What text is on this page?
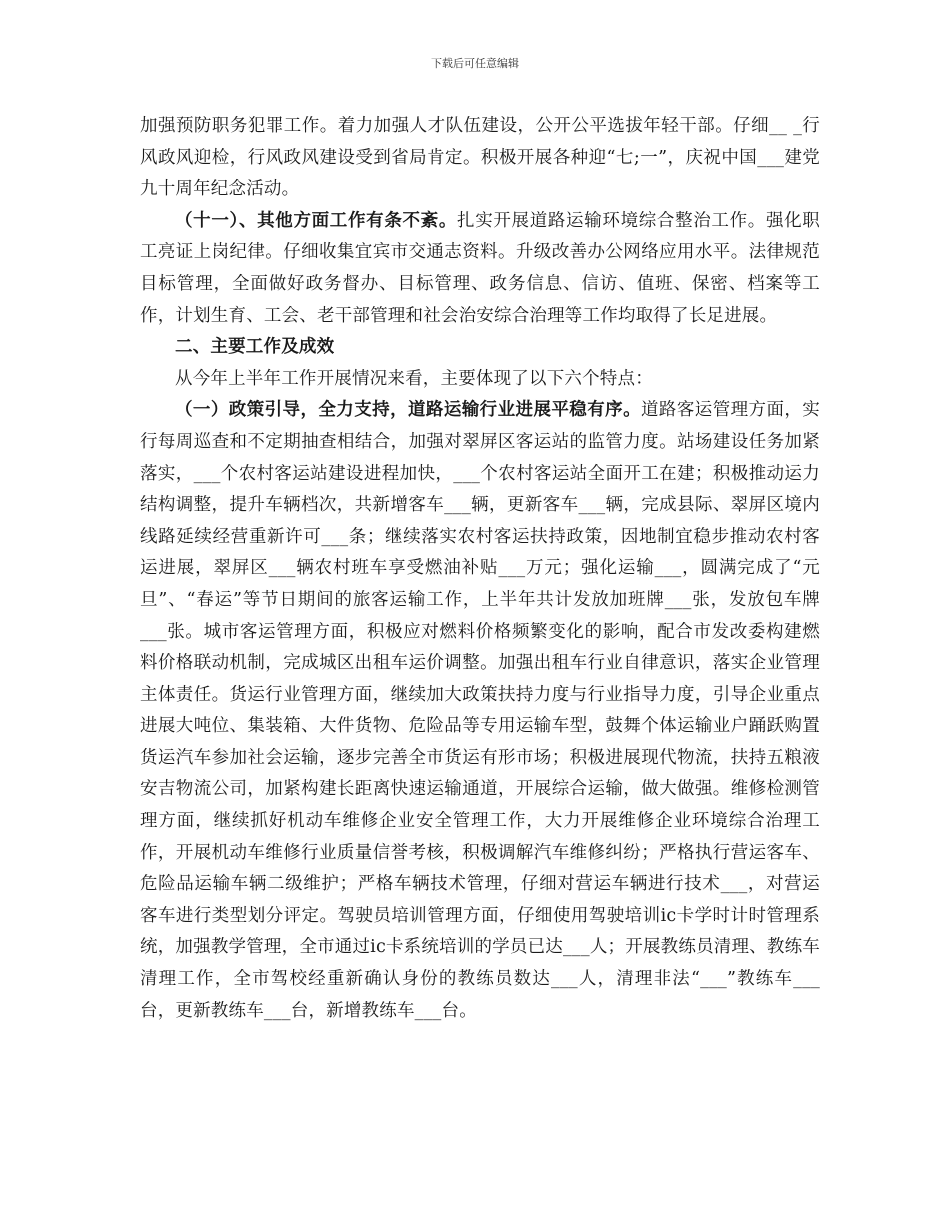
下载后可任意编辑

加强预防职务犯罪工作。着力加强人才队伍建设，公开公平选拔年轻干部。仔细__ _行风政风迎检，行风政风建设受到省局肯定。积极开展各种迎“七;一”，庆祝中国___建党九十周年纪念活动。

（十一）、其他方面工作有条不紊。扎实开展道路运输环境综合整治工作。强化职工亮证上岗纪律。仔细收集宜宾市交通志资料。升级改善办公网络应用水平。法律规范目标管理，全面做好政务督办、目标管理、政务信息、信访、值班、保密、档案等工作，计划生育、工会、老干部管理和社会治安综合治理等工作均取得了长足进展。

二、主要工作及成效

从今年上半年工作开展情况来看，主要体现了以下六个特点：

（一）政策引导，全力支持，道路运输行业进展平稳有序。道路客运管理方面，实行每周巡查和不定期抽查相结合，加强对翠屏区客运站的监管力度。站场建设任务加紧落实，___个农村客运站建设进程加快，___个农村客运站全面开工在建；积极推动运力结构调整，提升车辆档次，共新增客车___辆，更新客车___辆，完成县际、翠屏区境内线路延续经营重新许可___条；继续落实农村客运扶持政策，因地制宜稳步推动农村客运进展，翠屏区___辆农村班车享受燃油补贴___万元；强化运输___，圆满完成了“元旦”、“春运”等节日期间的旅客运输工作，上半年共计发放加班牌___张，发放包车牌___张。城市客运管理方面，积极应对燃料价格频繁变化的影响，配合市发改委构建燃料价格联动机制，完成城区出租车运价调整。加强出租车行业自律意识，落实企业管理主体责任。货运行业管理方面，继续加大政策扶持力度与行业指导力度，引导企业重点进展大吨位、集装箱、大件货物、危险品等专用运输车型，鼓舞个体运输业户踊跃购置货运汽车参加社会运输，逐步完善全市货运有形市场；积极进展现代物流，扶持五粮液安吉物流公司，加紧构建长距离快速运输通道，开展综合运输，做大做强。维修检测管理方面，继续抓好机动车维修企业安全管理工作，大力开展维修企业环境综合治理工作，开展机动车维修行业质量信誉考核，积极调解汽车维修纠纷；严格执行营运客车、危险品运输车辆二级维护；严格车辆技术管理，仔细对营运车辆进行技术___，对营运客车进行类型划分评定。驾驶员培训管理方面，仔细使用驾驶培训ic卡学时计时管理系统，加强教学管理，全市通过ic卡系统培训的学员已达___人；开展教练员清理、教练车清理工作，全市驾校经重新确认身份的教练员数达___人，清理非法“___”教练车___台，更新教练车___台，新增教练车___台。
